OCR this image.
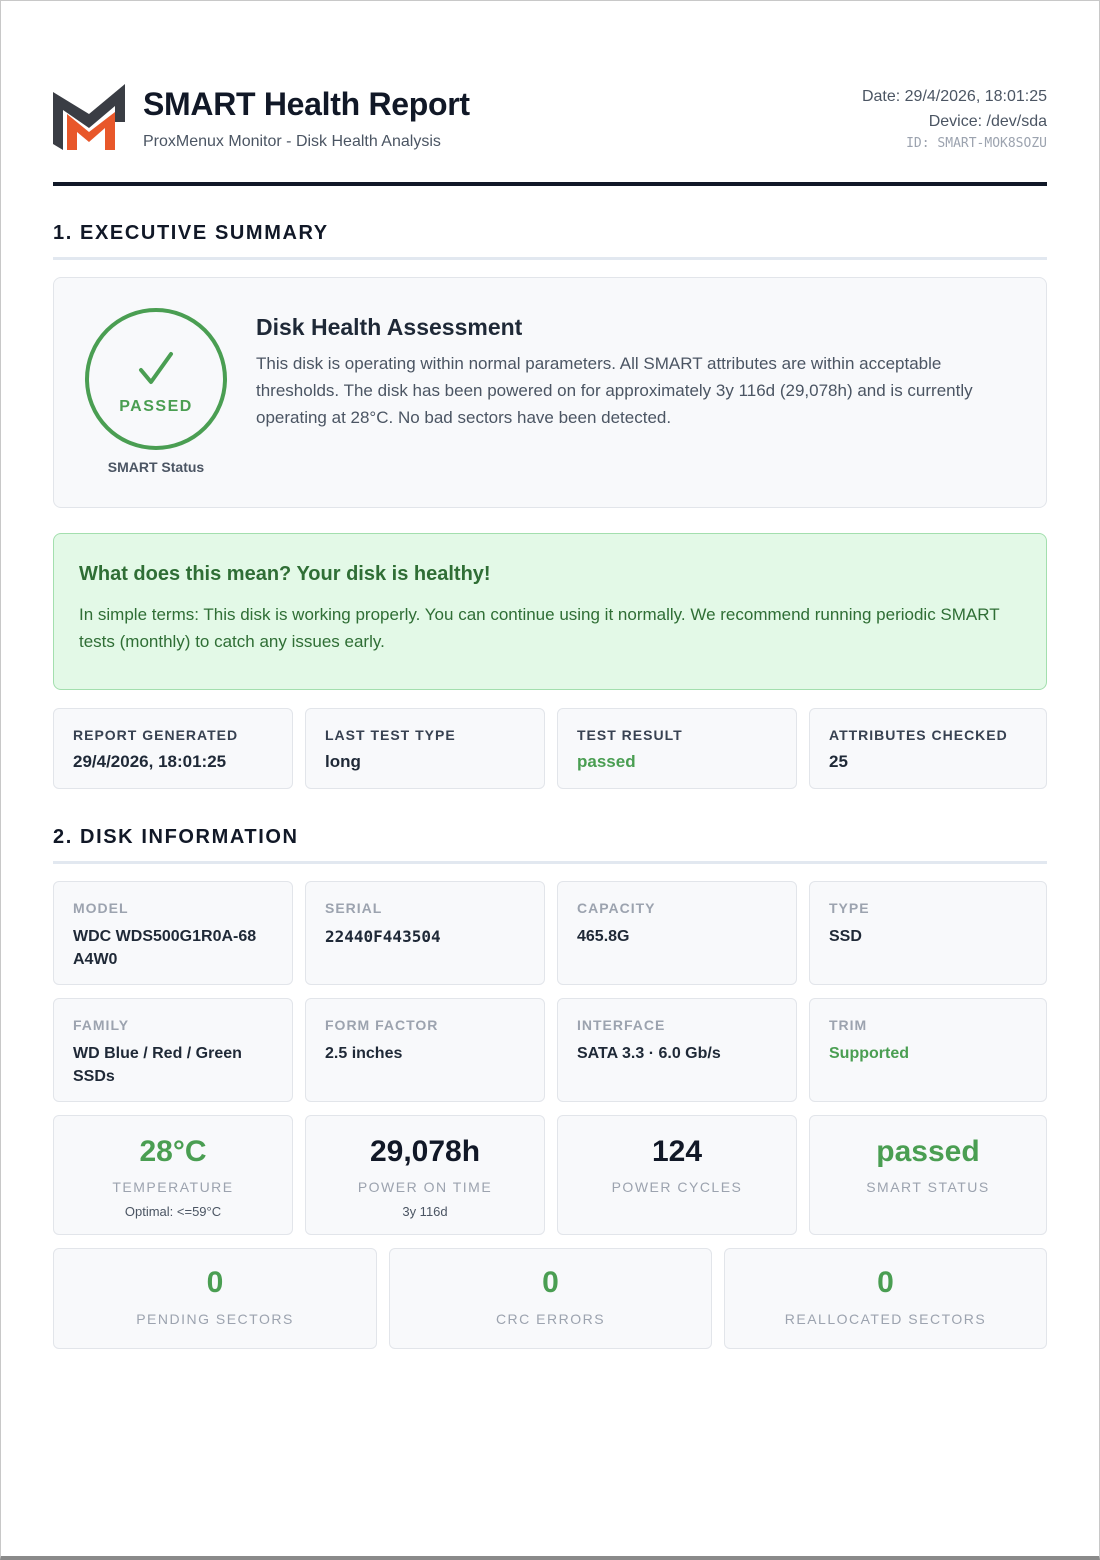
SMART Health Report
ProxMenux Monitor - Disk Health Analysis
Date: 29/4/2026, 18:01:25
Device: /dev/sda
ID: SMART-MOK8SOZU
1. EXECUTIVE SUMMARY
PASSED
SMART Status
Disk Health Assessment
This disk is operating within normal parameters. All SMART attributes are within acceptable thresholds. The disk has been powered on for approximately 3y 116d (29,078h) and is currently operating at 28°C. No bad sectors have been detected.
What does this mean? Your disk is healthy!
In simple terms: This disk is working properly. You can continue using it normally. We recommend running periodic SMART tests (monthly) to catch any issues early.
REPORT GENERATED
29/4/2026, 18:01:25
LAST TEST TYPE
long
TEST RESULT
passed
ATTRIBUTES CHECKED
25
2. DISK INFORMATION
MODEL
WDC WDS500G1R0A-68A4W0
SERIAL
22440F443504
CAPACITY
465.8G
TYPE
SSD
FAMILY
WD Blue / Red / Green SSDs
FORM FACTOR
2.5 inches
INTERFACE
SATA 3.3 · 6.0 Gb/s
TRIM
Supported
28°C
TEMPERATURE
Optimal: <=59°C
29,078h
POWER ON TIME
3y 116d
124
POWER CYCLES
passed
SMART STATUS
0
PENDING SECTORS
0
CRC ERRORS
0
REALLOCATED SECTORS
